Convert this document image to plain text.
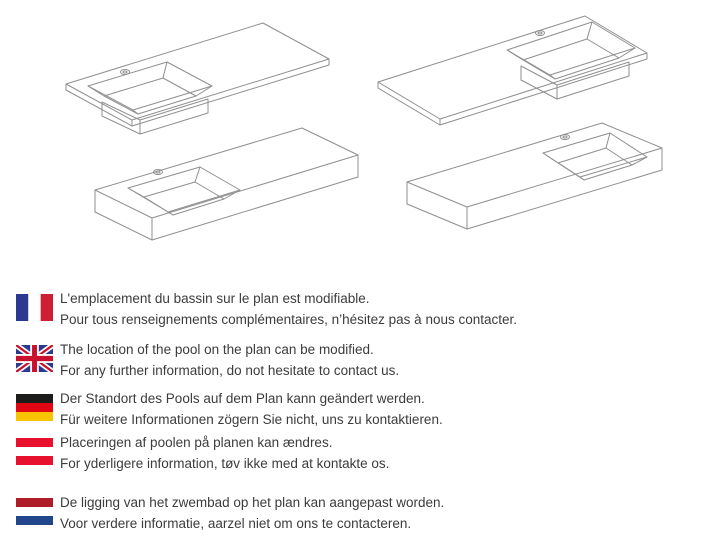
L'emplacement du bassin sur le plan est modifiable.
Pour tous renseignements complémentaires, n’hésitez pas à nous contacter.
The location of the pool on the plan can be modified.
For any further information, do not hesitate to contact us.
Der Standort des Pools auf dem Plan kann geändert werden.
Für weitere Informationen zögern Sie nicht, uns zu kontaktieren.
Placeringen af poolen på planen kan ændres.
For yderligere information, tøv ikke med at kontakte os.
De ligging van het zwembad op het plan kan aangepast worden.
Voor verdere informatie, aarzel niet om ons te contacteren.
